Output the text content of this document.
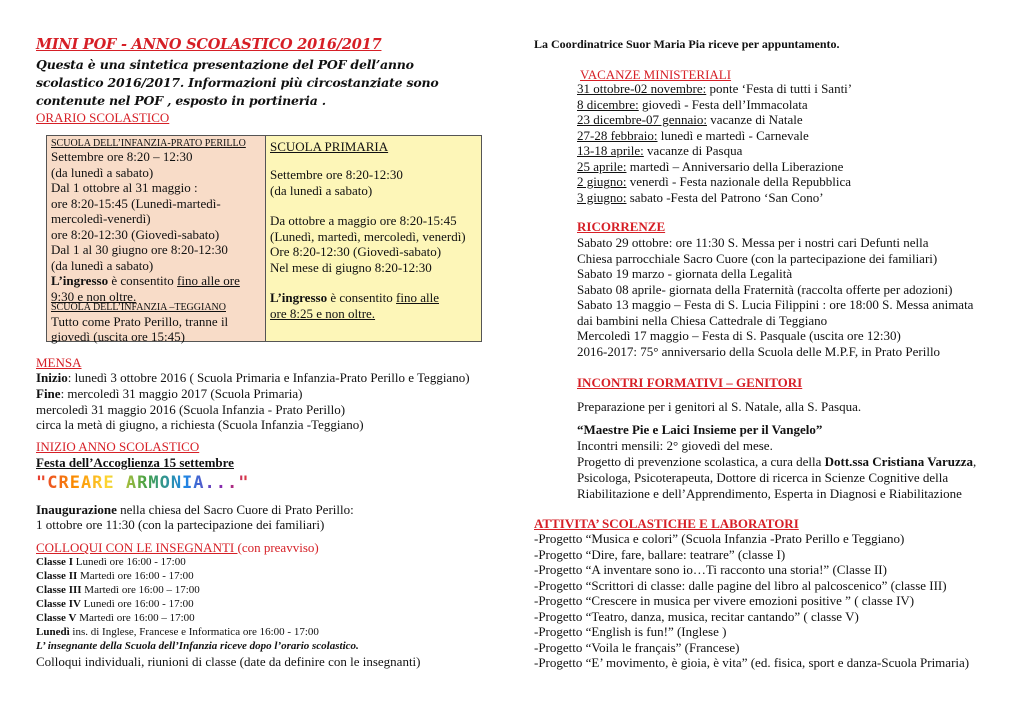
MINI POF - ANNO SCOLASTICO 2016/2017
Questa è una sintetica presentazione del POF dell’anno
scolastico 2016/2017. Informazioni più circostanziate sono
contenute nel POF , esposto in portineria .
ORARIO SCOLASTICO
SCUOLA DELL’INFANZIA-PRATO PERILLO
Settembre ore 8:20 – 12:30
(da lunedì a sabato)
Dal 1 ottobre al 31 maggio :
ore 8:20-15:45 (Lunedì-martedì-
mercoledì-venerdì)
ore 8:20-12:30 (Giovedì-sabato)
Dal 1 al 30 giugno ore 8:20-12:30
(da lunedì a sabato)
L’ingresso è consentito fino alle ore
9:30 e non oltre.
SCUOLA DELL’INFANZIA –TEGGIANO
Tutto come Prato Perillo, tranne il
giovedì (uscita ore 15:45)
SCUOLA PRIMARIA
Settembre ore 8:20-12:30
(da lunedì a sabato)
Da ottobre a maggio ore 8:20-15:45
(Lunedì, martedì, mercoledì, venerdì)
Ore 8:20-12:30 (Giovedì-sabato)
Nel mese di giugno 8:20-12:30
L’ingresso è consentito fino alle
ore 8:25 e non oltre.
MENSA
Inizio: lunedì 3 ottobre 2016 ( Scuola Primaria e Infanzia-Prato Perillo e Teggiano)
Fine: mercoledì 31 maggio 2017 (Scuola Primaria)
mercoledì 31 maggio 2016 (Scuola Infanzia - Prato Perillo)
circa la metà di giugno, a richiesta (Scuola Infanzia -Teggiano)
INIZIO ANNO SCOLASTICO
Festa dell’Accoglienza 15 settembre
"CREARE ARMONIA..."
Inaugurazione nella chiesa del Sacro Cuore di Prato Perillo:
1 ottobre ore 11:30 (con la partecipazione dei familiari)
COLLOQUI CON LE INSEGNANTI (con preavviso)
Classe I Lunedì ore 16:00 - 17:00
Classe II Martedì ore 16:00 - 17:00
Classe III Martedì ore 16:00 – 17:00
Classe IV Lunedì ore 16:00 - 17:00
Classe V Martedì ore 16:00 – 17:00
Lunedì ins. di Inglese, Francese e Informatica ore 16:00 - 17:00
L’ insegnante della Scuola dell’Infanzia riceve dopo l’orario scolastico.
Colloqui individuali, riunioni di classe (date da definire con le insegnanti)
La Coordinatrice Suor Maria Pia riceve per appuntamento.
VACANZE MINISTERIALI
31 ottobre-02 novembre: ponte ‘Festa di tutti i Santi’
8 dicembre: giovedì - Festa dell’Immacolata
23 dicembre-07 gennaio: vacanze di Natale
27-28 febbraio: lunedì e martedì - Carnevale
13-18 aprile: vacanze di Pasqua
25 aprile: martedì – Anniversario della Liberazione
2 giugno: venerdì - Festa nazionale della Repubblica
3 giugno: sabato -Festa del Patrono ‘San Cono’
RICORRENZE
Sabato 29 ottobre: ore 11:30 S. Messa per i nostri cari Defunti nella
Chiesa parrocchiale Sacro Cuore (con la partecipazione dei familiari)
Sabato 19 marzo - giornata della Legalità
Sabato 08 aprile- giornata della Fraternità (raccolta offerte per adozioni)
Sabato 13 maggio – Festa di S. Lucia Filippini : ore 18:00 S. Messa animata
dai bambini nella Chiesa Cattedrale di Teggiano
Mercoledì 17 maggio – Festa di S. Pasquale (uscita ore 12:30)
2016-2017: 75° anniversario della Scuola delle M.P.F, in Prato Perillo
INCONTRI FORMATIVI – GENITORI
Preparazione per i genitori al S. Natale, alla S. Pasqua.
“Maestre Pie e Laici Insieme per il Vangelo”
Incontri mensili: 2° giovedì del mese.
Progetto di prevenzione scolastica, a cura della Dott.ssa Cristiana Varuzza,
Psicologa, Psicoterapeuta, Dottore di ricerca in Scienze Cognitive della
Riabilitazione e dell’Apprendimento, Esperta in Diagnosi e Riabilitazione
ATTIVITA’ SCOLASTICHE E LABORATORI
-Progetto “Musica e colori” (Scuola Infanzia -Prato Perillo e Teggiano)
-Progetto “Dire, fare, ballare: teatrare” (classe I)
-Progetto “A inventare sono io…Ti racconto una storia!” (Classe II)
-Progetto “Scrittori di classe: dalle pagine del libro al palcoscenico” (classe III)
-Progetto “Crescere in musica per vivere emozioni positive ” ( classe IV)
-Progetto “Teatro, danza, musica, recitar cantando” ( classe V)
-Progetto “English is fun!” (Inglese )
-Progetto “Voila le français” (Francese)
-Progetto “E’ movimento, è gioia, è vita” (ed. fisica, sport e danza-Scuola Primaria)
